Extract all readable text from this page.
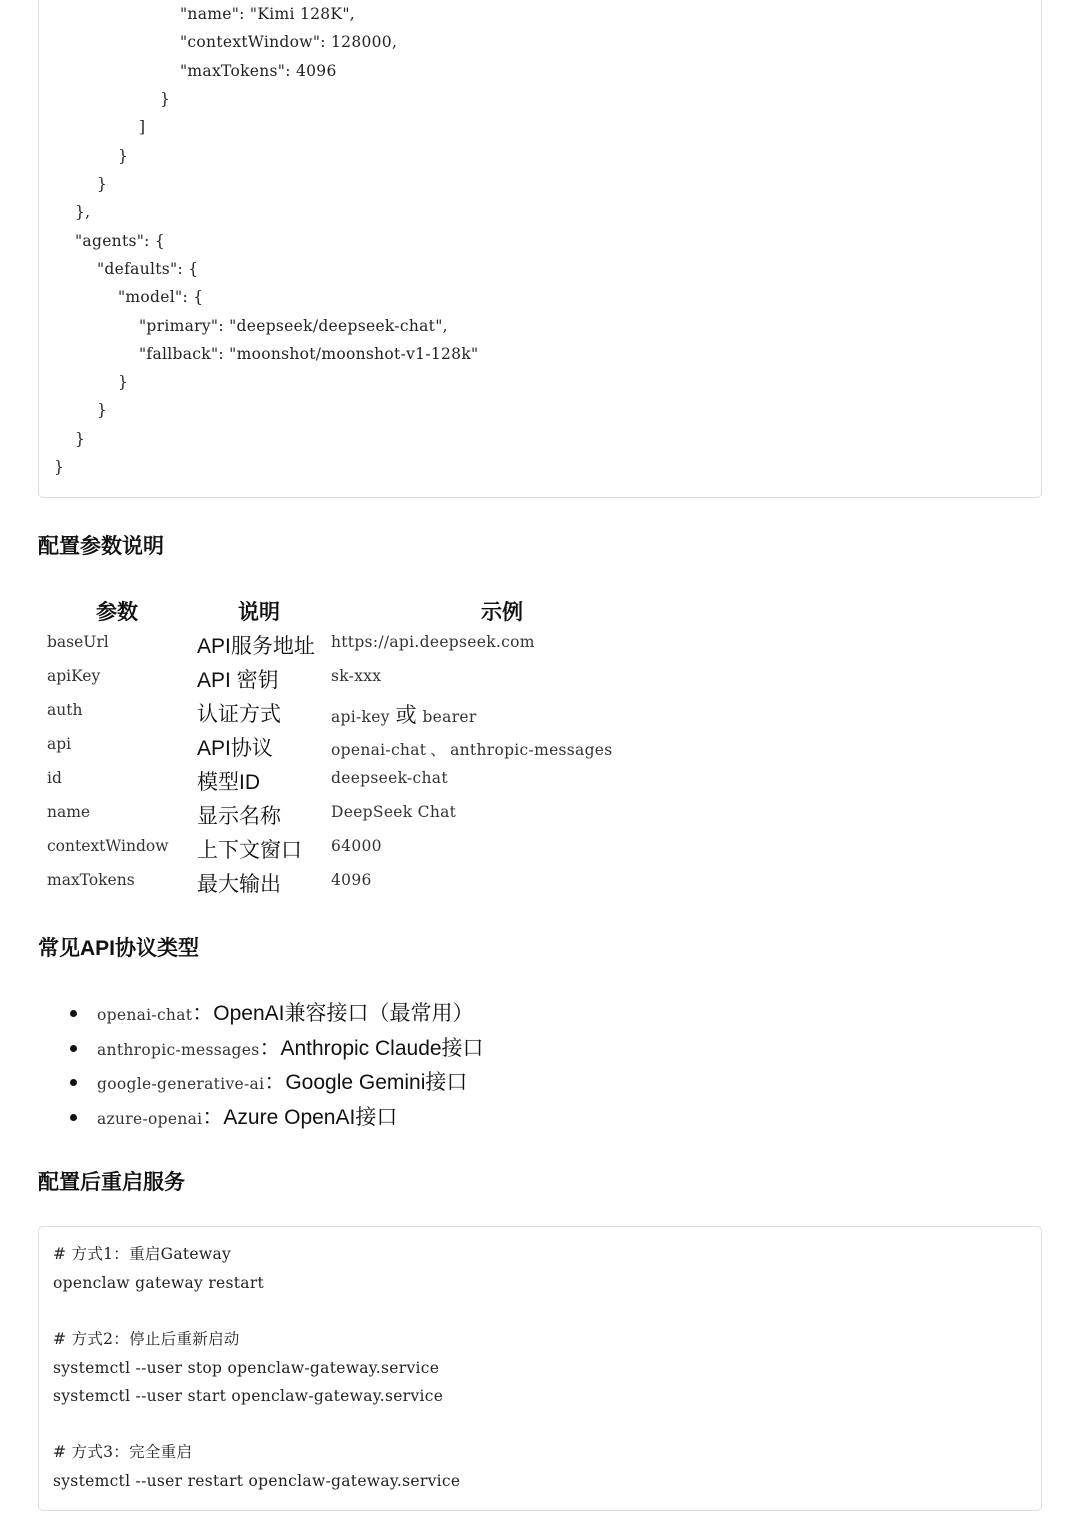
"name": "Kimi 128K",
"contextWindow": 128000,
"maxTokens": 4096
}
]
}
}
},
"agents": {
"defaults": {
"model": {
"primary": "deepseek/deepseek-chat",
"fallback": "moonshot/moonshot-v1-128k"
}
}
}
}
配置参数说明
参数	说明	示例
baseUrl	API服务地址 https://api.deepseek.com
apiKey	API 密钥	sk-xxx
auth	认证方式	api-key 或 bearer
api	API协议	openai-chat 、 anthropic-messages
id	模型ID	deepseek-chat
name	显示名称	DeepSeek Chat
contextWindow 上下文窗口 64000
maxTokens	最大输出	4096
常见API协议类型
openai-chat：OpenAI兼容接口（最常用）
anthropic-messages：Anthropic Claude接口
google-generative-ai：Google Gemini接口
azure-openai：Azure OpenAI接口
配置后重启服务
# 方式1：重启Gateway
openclaw gateway restart
# 方式2：停止后重新启动
systemctl --user stop openclaw-gateway.service
systemctl --user start openclaw-gateway.service
# 方式3：完全重启
systemctl --user restart openclaw-gateway.service
